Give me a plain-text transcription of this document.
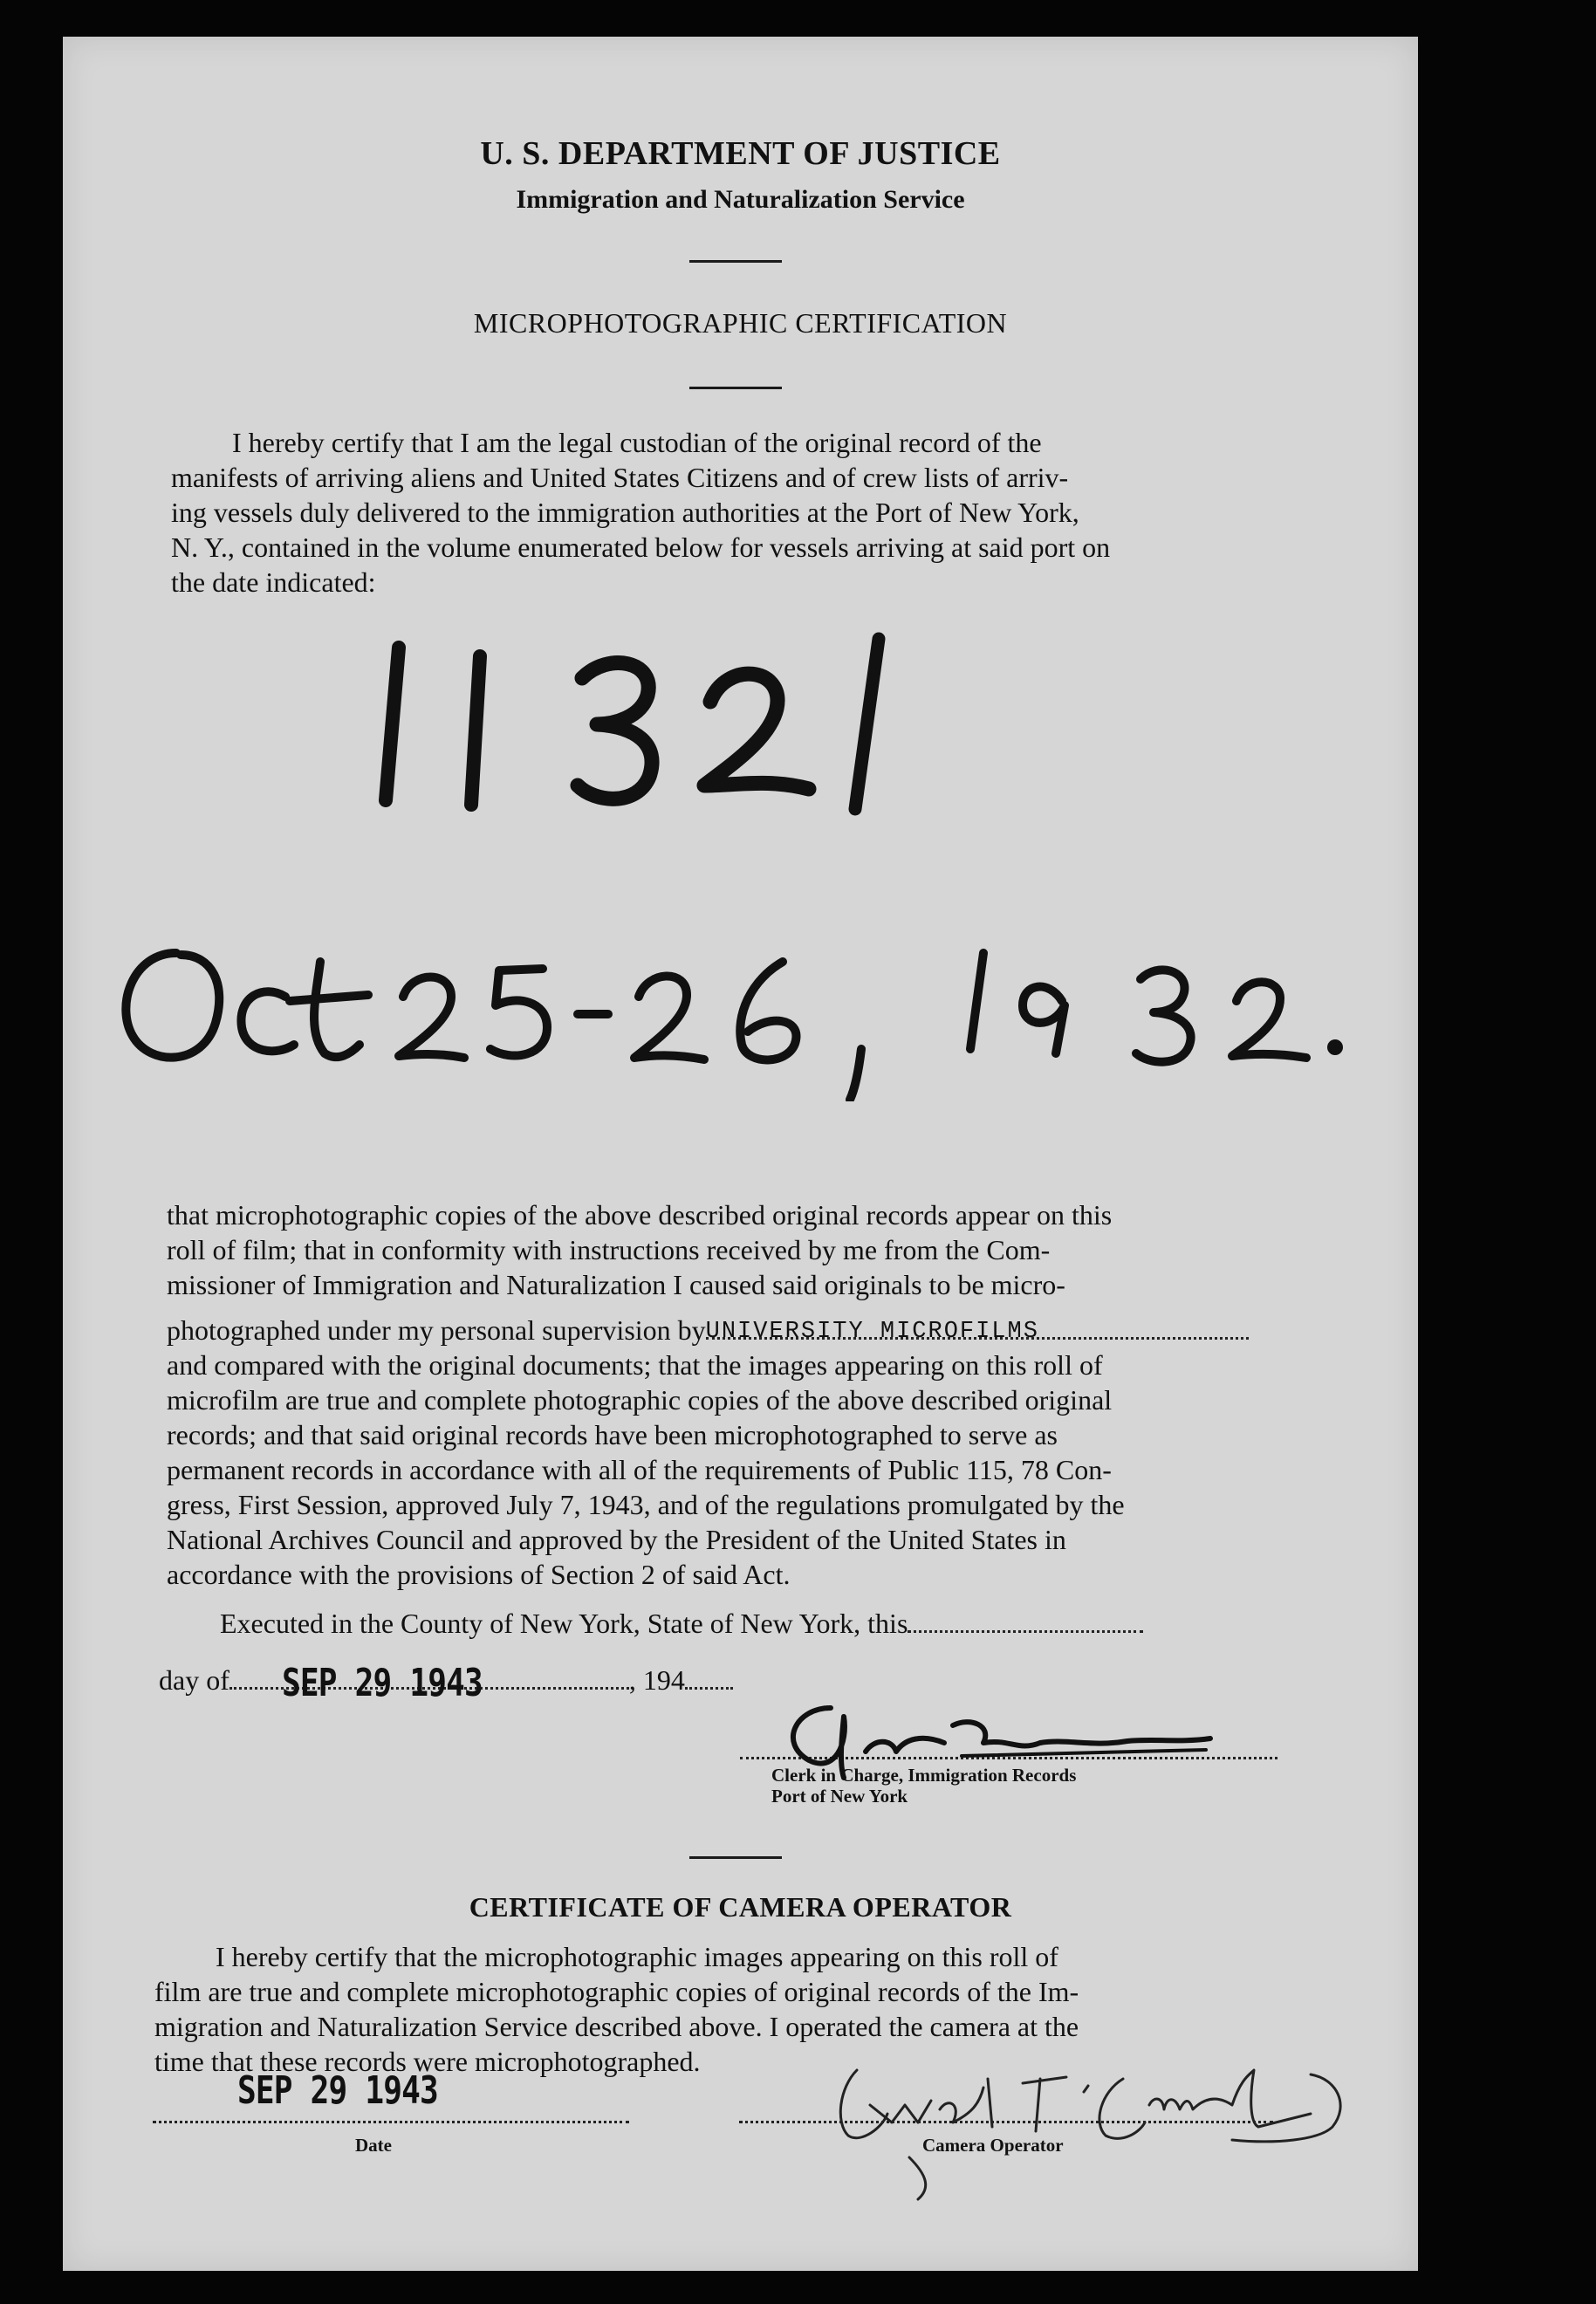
U. S. DEPARTMENT OF JUSTICE
Immigration and Naturalization Service
MICROPHOTOGRAPHIC CERTIFICATION
I hereby certify that I am the legal custodian of the original record of the
manifests of arriving aliens and United States Citizens and of crew lists of arriv-
ing vessels duly delivered to the immigration authorities at the Port of New York,
N. Y., contained in the volume enumerated below for vessels arriving at said port on
the date indicated:
that microphotographic copies of the above described original records appear on this
roll of film; that in conformity with instructions received by me from the Com-
missioner of Immigration and Naturalization I caused said originals to be micro-
photographed under my personal supervision by UNIVERSITY MICROFILMS
and compared with the original documents; that the images appearing on this roll of
microfilm are true and complete photographic copies of the above described original
records; and that said original records have been microphotographed to serve as
permanent records in accordance with all of the requirements of Public 115, 78 Con-
gress, First Session, approved July 7, 1943, and of the regulations promulgated by the
National Archives Council and approved by the President of the United States in
accordance with the provisions of Section 2 of said Act.
Executed in the County of New York, State of New York, this
day of SEP 29 1943	, 194
Clerk in Charge, Immigration Records
Port of New York
CERTIFICATE OF CAMERA OPERATOR
I hereby certify that the microphotographic images appearing on this roll of
film are true and complete microphotographic copies of original records of the Im-
migration and Naturalization Service described above. I operated the camera at the
time that these records were microphotographed.
SEP 29 1943
Date	Camera Operator
